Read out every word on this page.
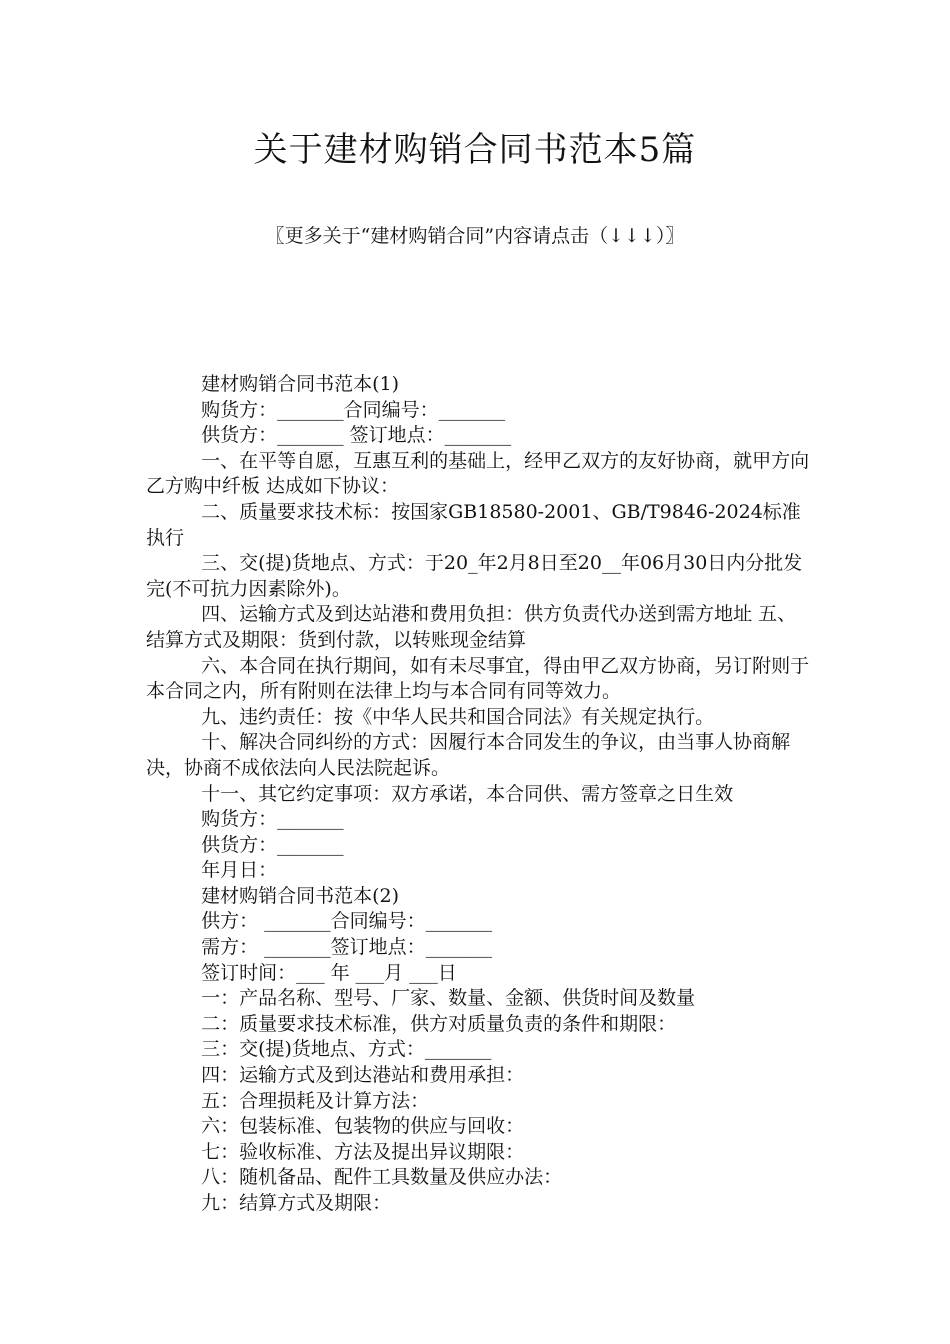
关于建材购销合同书范本5篇
〖更多关于“建材购销合同”内容请点击（↓↓↓）〗

建材购销合同书范本(1)

购货方：_______合同编号：_______

供货方：_______ 签订地点：_______

一、在平等自愿，互惠互利的基础上，经甲乙双方的友好协商，就甲方向乙方购中纤板 达成如下协议：

二、质量要求技术标：按国家GB18580-2001、GB/T9846-2024标准执行

三、交(提)货地点、方式：于20_年2月8日至20__年06月30日内分批发完(不可抗力因素除外)。

四、运输方式及到达站港和费用负担：供方负责代办送到需方地址 五、结算方式及期限：货到付款，以转账现金结算

六、本合同在执行期间，如有未尽事宜，得由甲乙双方协商，另订附则于本合同之内，所有附则在法律上均与本合同有同等效力。

九、违约责任：按《中华人民共和国合同法》有关规定执行。

十、解决合同纠纷的方式：因履行本合同发生的争议，由当事人协商解决，协商不成依法向人民法院起诉。

十一、其它约定事项：双方承诺，本合同供、需方签章之日生效

购货方：_______

供货方：_______

年月日：

建材购销合同书范本(2)

供方： _______合同编号：_______

需方： _______签订地点：_______

签订时间：___ 年 ___月 ___日

一：产品名称、型号、厂家、数量、金额、供货时间及数量

二：质量要求技术标准，供方对质量负责的条件和期限：

三：交(提)货地点、方式：_______

四：运输方式及到达港站和费用承担：

五：合理损耗及计算方法：

六：包装标准、包装物的供应与回收：

七：验收标准、方法及提出异议期限：

八：随机备品、配件工具数量及供应办法：

九：结算方式及期限：
